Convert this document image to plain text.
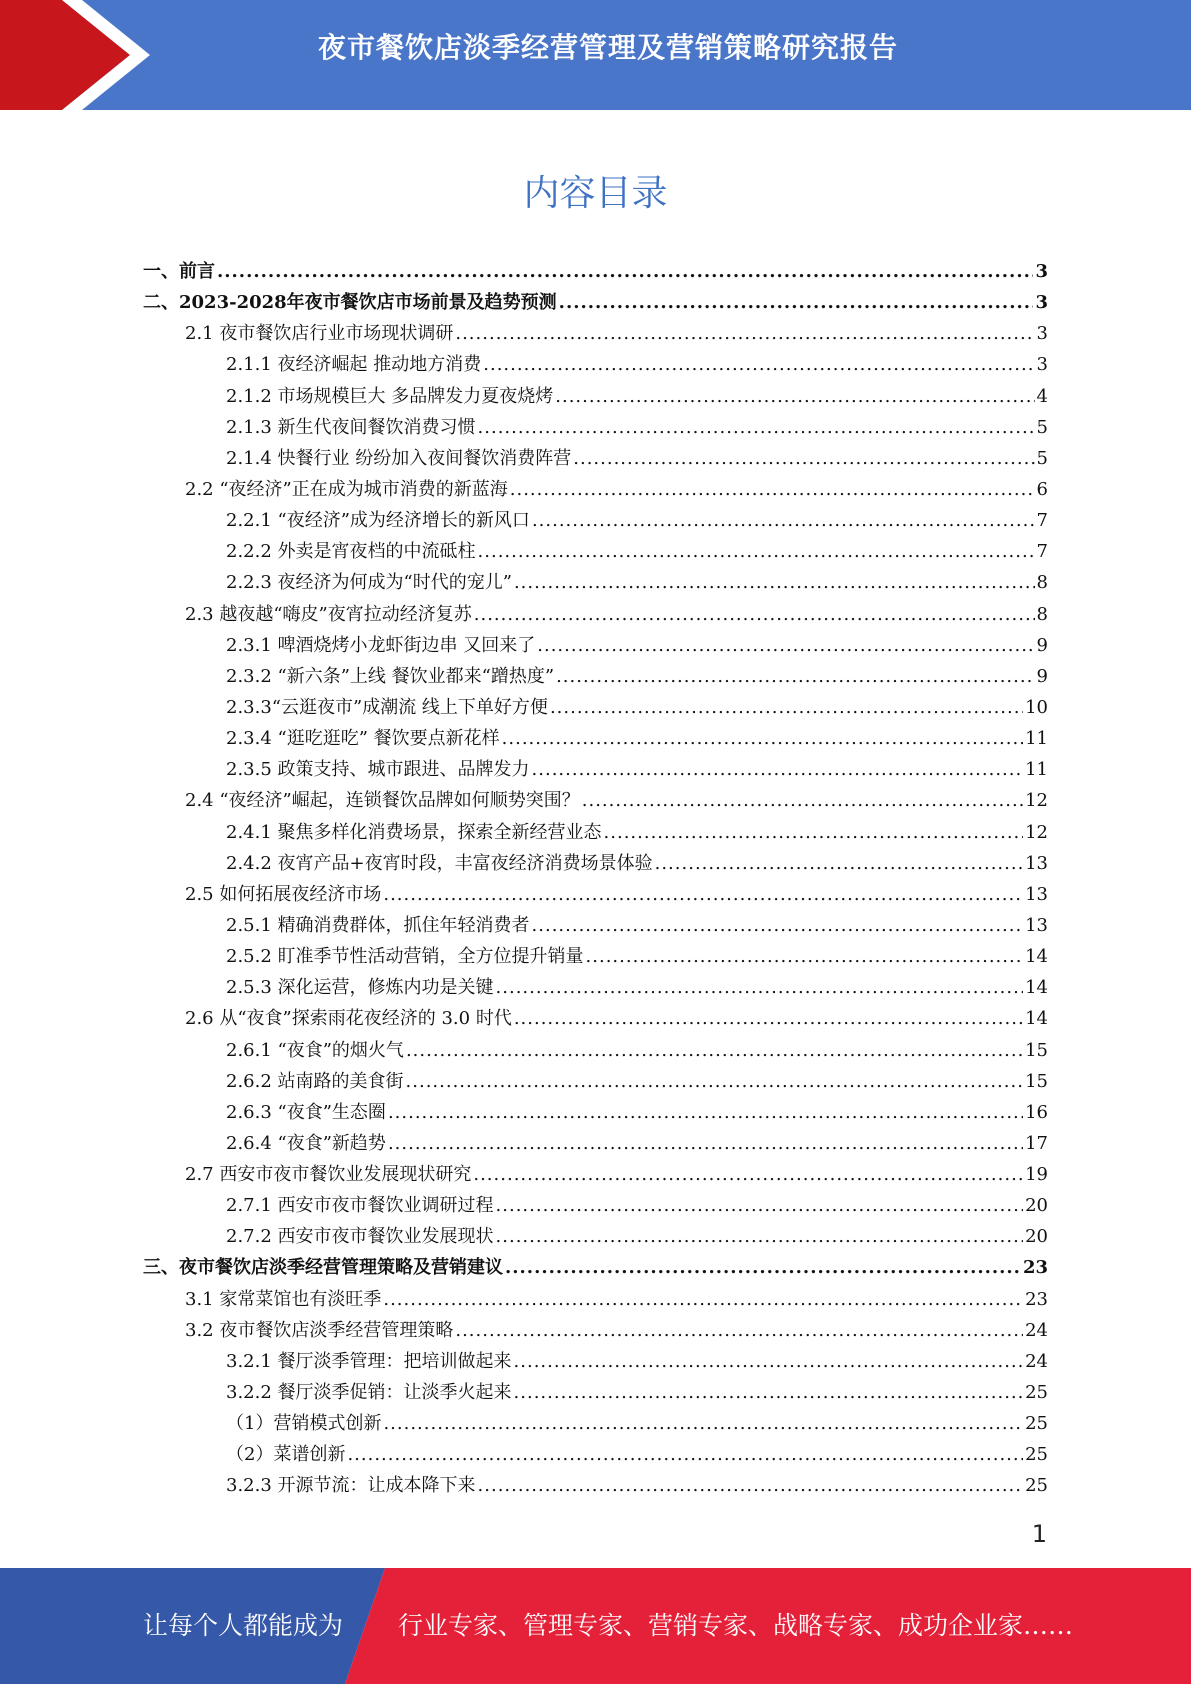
夜市餐饮店淡季经营管理及营销策略研究报告
内容目录
一、前言 .....	3
二、2023-2028年夜市餐饮店市场前景及趋势预测 .....	3
2.1 夜市餐饮店行业市场现状调研 .....	3
2.1.1 夜经济崛起 推动地方消费 .....	3
2.1.2 市场规模巨大 多品牌发力夏夜烧烤 .....	4
2.1.3 新生代夜间餐饮消费习惯 .....	5
2.1.4 快餐行业 纷纷加入夜间餐饮消费阵营 .....	5
2.2 “夜经济”正在成为城市消费的新蓝海 .....	6
2.2.1 “夜经济”成为经济增长的新风口 .....	7
2.2.2 外卖是宵夜档的中流砥柱 .....	7
2.2.3 夜经济为何成为“时代的宠儿” .....	8
2.3 越夜越“嗨皮”夜宵拉动经济复苏 .....	8
2.3.1 啤酒烧烤小龙虾街边串 又回来了 .....	9
2.3.2 “新六条”上线 餐饮业都来“蹭热度” .....	9
2.3.3“云逛夜市”成潮流 线上下单好方便 .....	10
2.3.4 “逛吃逛吃” 餐饮要点新花样 .....	11
2.3.5 政策支持、城市跟进、品牌发力 .....	11
2.4 “夜经济”崛起，连锁餐饮品牌如何顺势突围？ .....	12
2.4.1 聚焦多样化消费场景，探索全新经营业态 .....	12
2.4.2 夜宵产品+夜宵时段，丰富夜经济消费场景体验 .....	13
2.5 如何拓展夜经济市场 .....	13
2.5.1 精确消费群体，抓住年轻消费者 .....	13
2.5.2 盯准季节性活动营销，全方位提升销量 .....	14
2.5.3 深化运营，修炼内功是关键 .....	14
2.6 从“夜食”探索雨花夜经济的 3.0 时代 .....	14
2.6.1 “夜食”的烟火气 .....	15
2.6.2 站南路的美食街 .....	15
2.6.3 “夜食”生态圈 .....	16
2.6.4 “夜食”新趋势 .....	17
2.7 西安市夜市餐饮业发展现状研究 .....	19
2.7.1 西安市夜市餐饮业调研过程 .....	20
2.7.2 西安市夜市餐饮业发展现状 .....	20
三、夜市餐饮店淡季经营管理策略及营销建议 .....	23
3.1 家常菜馆也有淡旺季 .....	23
3.2 夜市餐饮店淡季经营管理策略 .....	24
3.2.1 餐厅淡季管理：把培训做起来 .....	24
3.2.2 餐厅淡季促销：让淡季火起来 .....	25
（1）营销模式创新 .....	25
（2）菜谱创新 .....	25
3.2.3 开源节流：让成本降下来 .....	25
1
让每个人都能成为 行业专家、管理专家、营销专家、战略专家、成功企业家……
